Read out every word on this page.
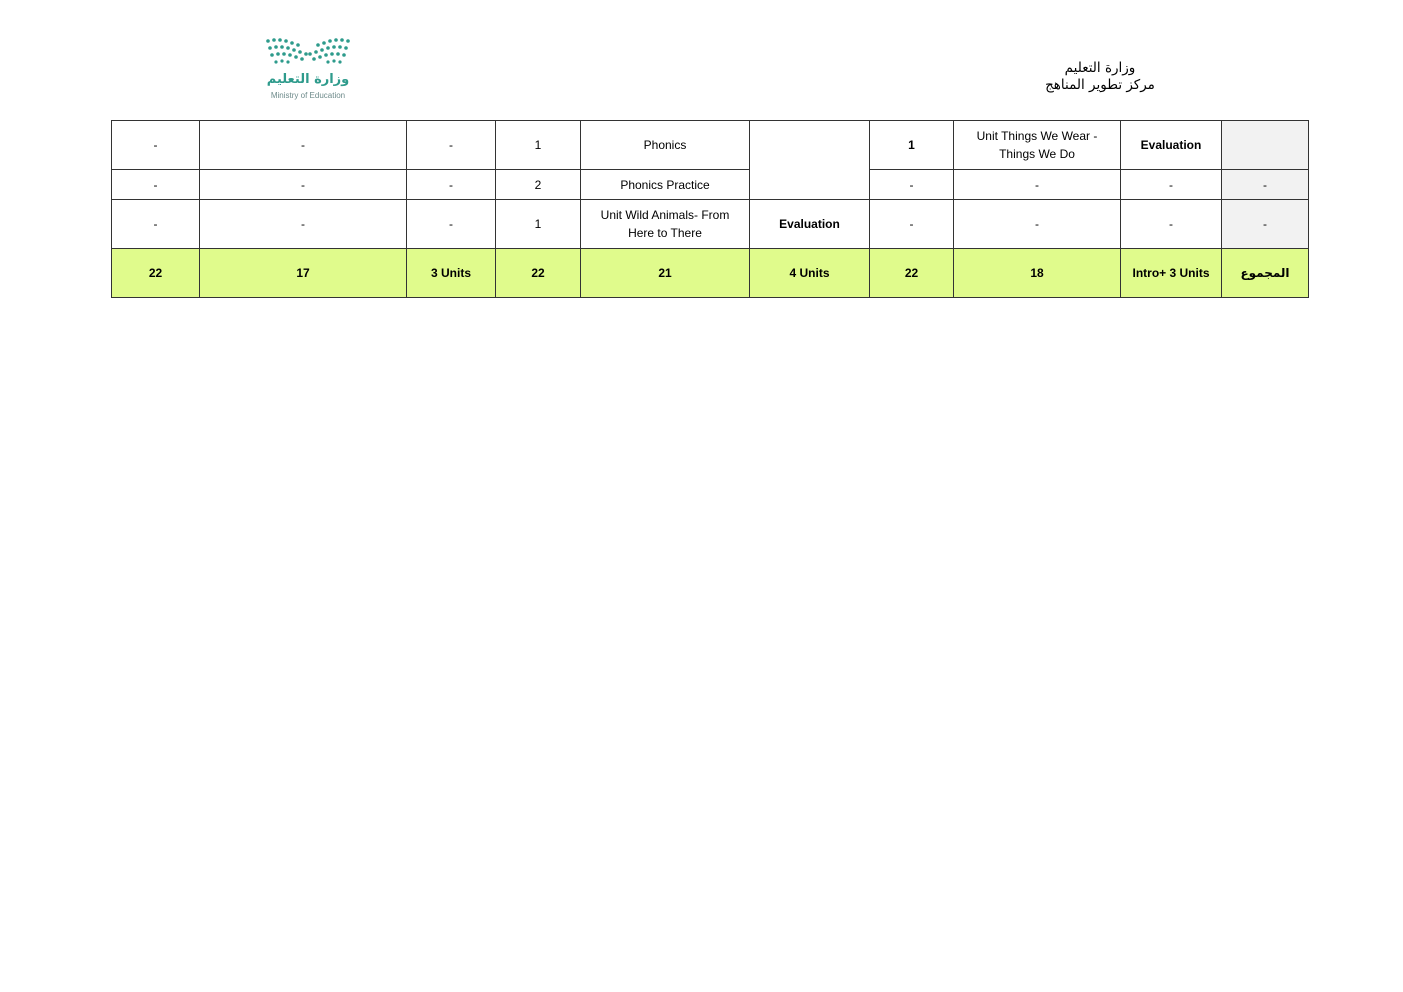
وزارة التعليم
Ministry of Education
وزارة التعليم
مركز تطوير المناهج
-	-	-	1	Phonics		1	Unit Things We Wear - Things We Do	Evaluation	
-	-	-	2	Phonics Practice		-	-	-	-
-	-	-	1	Unit Wild Animals- From Here to There	Evaluation	-	-	-	-
22	17	3 Units	22	21	4 Units	22	18	Intro+ 3 Units	المجموع
